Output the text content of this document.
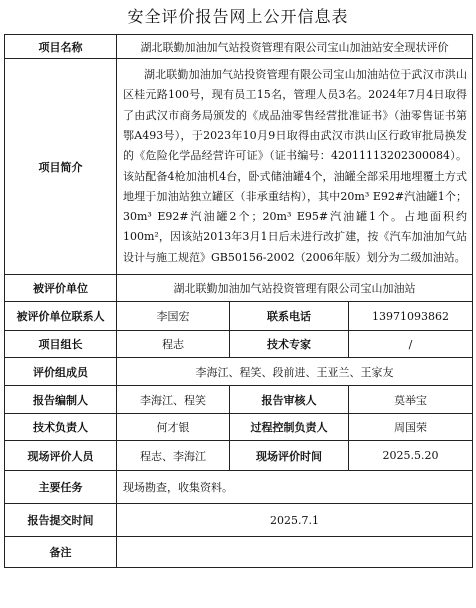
安全评价报告网上公开信息表
项目名称	湖北联勤加油加气站投资管理有限公司宝山加油站安全现状评价		
项目简介	湖北联勤加油加气站投资管理有限公司宝山加油站位于武汉市洪山区桂元路100号，现有员工15名，管理人员3名。2024年7月4日取得了由武汉市商务局颁发的《成品油零售经营批准证书》（油零售证书第鄂A493号），于2023年10月9日取得由武汉市洪山区行政审批局换发的《危险化学品经营许可证》（证书编号：42011113202300084）。该站配备4枪加油机4台，卧式储油罐4个，油罐全部采用地埋覆土方式地埋于加油站独立罐区（非承重结构），其中20m³ E92#汽油罐1个；30m³ E92#汽油罐2个；20m³ E95#汽油罐1个。占地面积约100m²，因该站2013年3月1日后未进行改扩建，按《汽车加油加气站设计与施工规范》GB50156-2002（2006年版）划分为二级加油站。		
被评价单位	湖北联勤加油加气站投资管理有限公司宝山加油站		
被评价单位联系人	李国宏	联系电话	13971093862
项目组长	程志	技术专家	/
评价组成员	李海江、程笑、段前进、王亚兰、王家友		
报告编制人	李海江、程笑	报告审核人	莫举宝
技术负责人	何才银	过程控制负责人	周国荣
现场评价人员	程志、李海江	现场评价时间	2025.5.20
主要任务	现场勘查，收集资料。		
报告提交时间	2025.7.1		
备注			
